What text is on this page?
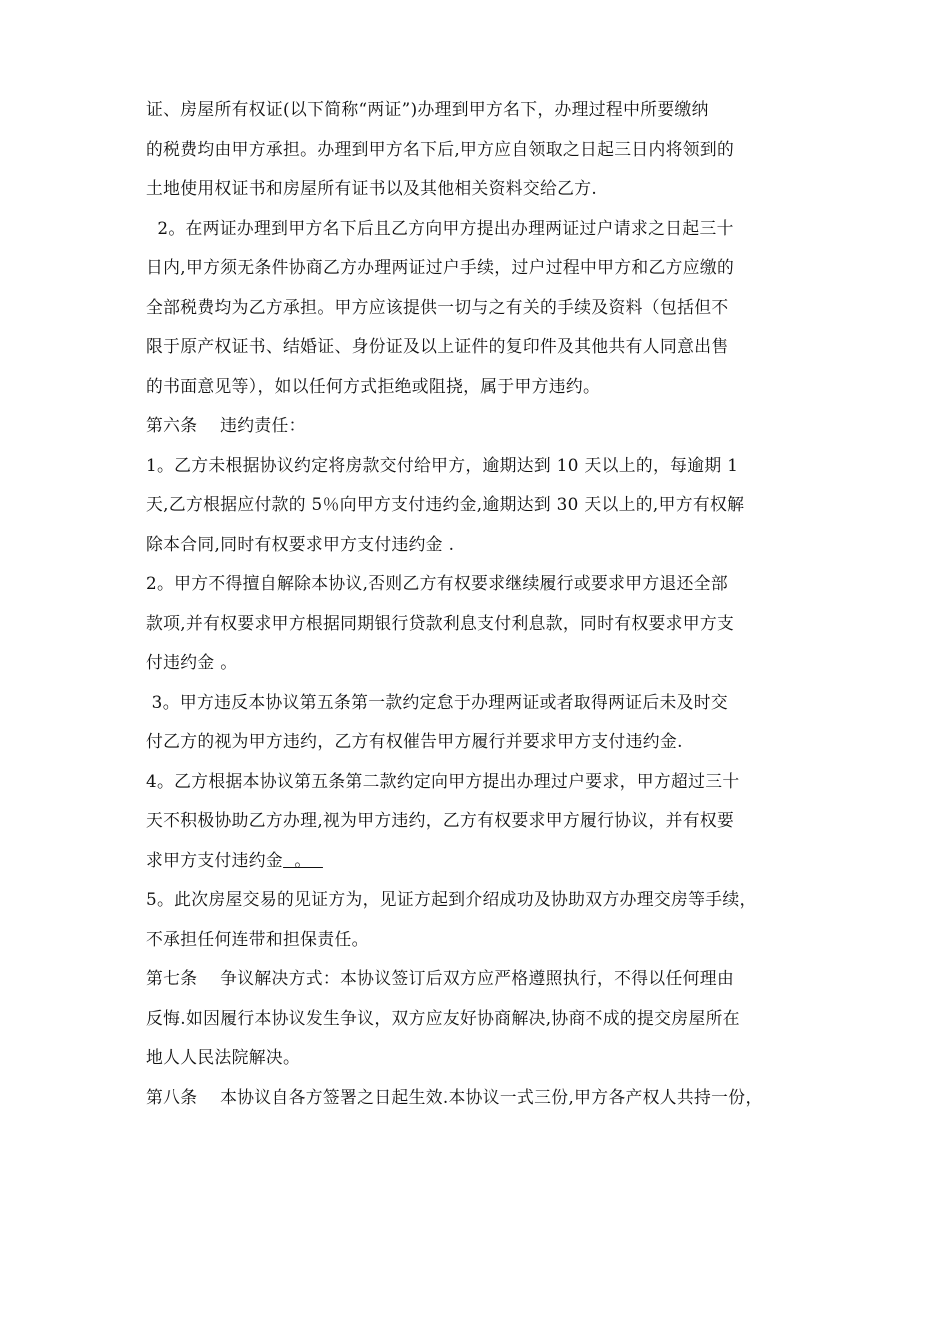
证、房屋所有权证(以下简称“两证”)办理到甲方名下，办理过程中所要缴纳
的税费均由甲方承担。办理到甲方名下后,甲方应自领取之日起三日内将领到的
土地使用权证书和房屋所有证书以及其他相关资料交给乙方.
2。在两证办理到甲方名下后且乙方向甲方提出办理两证过户请求之日起三十
日内,甲方须无条件协商乙方办理两证过户手续，过户过程中甲方和乙方应缴的
全部税费均为乙方承担。甲方应该提供一切与之有关的手续及资料（包括但不
限于原产权证书、结婚证、身份证及以上证件的复印件及其他共有人同意出售
的书面意见等），如以任何方式拒绝或阻挠，属于甲方违约。
第六条    违约责任：
1。乙方未根据协议约定将房款交付给甲方，逾期达到 10 天以上的，每逾期 1
天,乙方根据应付款的 5％向甲方支付违约金,逾期达到 30 天以上的,甲方有权解
除本合同,同时有权要求甲方支付违约金 .
2。甲方不得擅自解除本协议,否则乙方有权要求继续履行或要求甲方退还全部
款项,并有权要求甲方根据同期银行贷款利息支付利息款，同时有权要求甲方支
付违约金 。
3。甲方违反本协议第五条第一款约定怠于办理两证或者取得两证后未及时交
付乙方的视为甲方违约，乙方有权催告甲方履行并要求甲方支付违约金.
4。乙方根据本协议第五条第二款约定向甲方提出办理过户要求，甲方超过三十
天不积极协助乙方办理,视为甲方违约，乙方有权要求甲方履行协议，并有权要
求甲方支付违约金  。
5。此次房屋交易的见证方为，见证方起到介绍成功及协助双方办理交房等手续，
不承担任何连带和担保责任。
第七条    争议解决方式：本协议签订后双方应严格遵照执行，不得以任何理由
反悔.如因履行本协议发生争议，双方应友好协商解决,协商不成的提交房屋所在
地人人民法院解决。
第八条    本协议自各方签署之日起生效.本协议一式三份,甲方各产权人共持一份，
